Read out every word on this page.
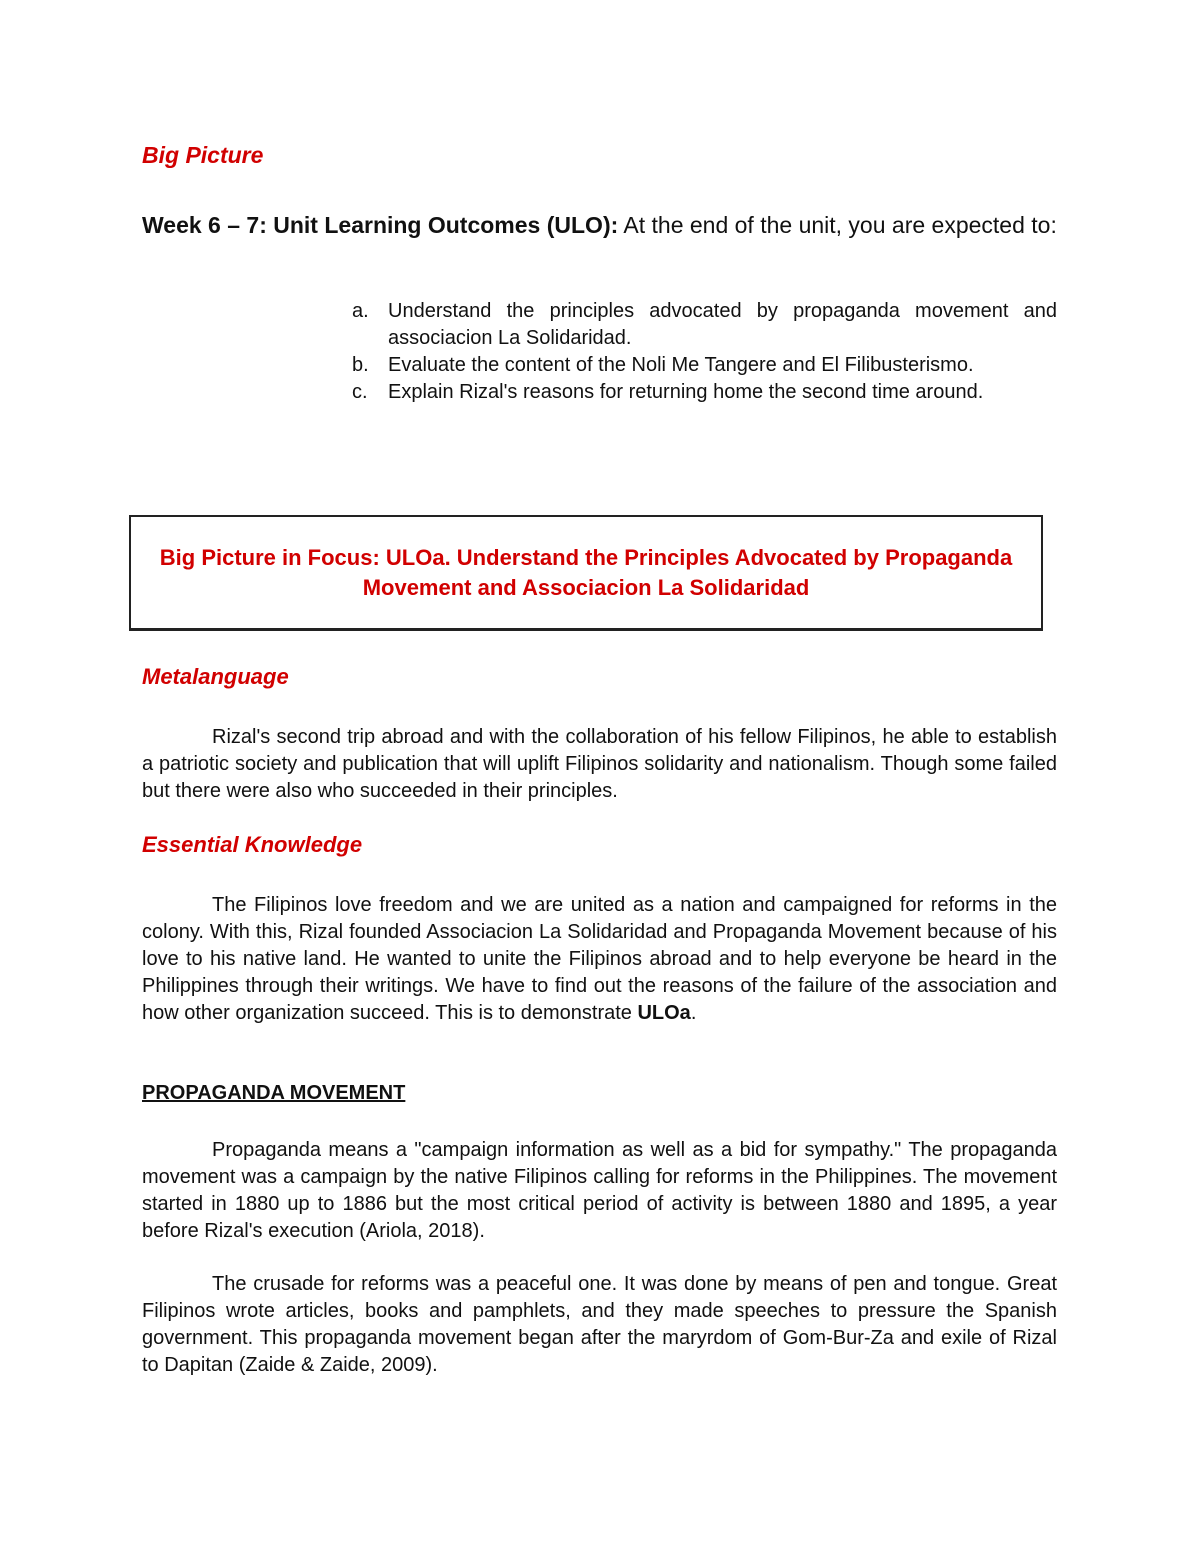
Big Picture

Week 6 – 7: Unit Learning Outcomes (ULO): At the end of the unit, you are expected to:

a. Understand the principles advocated by propaganda movement and associacion La Solidaridad.
b. Evaluate the content of the Noli Me Tangere and El Filibusterismo.
c. Explain Rizal's reasons for returning home the second time around.
Big Picture in Focus: ULOa. Understand the Principles Advocated by Propaganda Movement and Associacion La Solidaridad
Metalanguage

Rizal's second trip abroad and with the collaboration of his fellow Filipinos, he able to establish a patriotic society and publication that will uplift Filipinos solidarity and nationalism. Though some failed but there were also who succeeded in their principles.

Essential Knowledge

The Filipinos love freedom and we are united as a nation and campaigned for reforms in the colony. With this, Rizal founded Associacion La Solidaridad and Propaganda Movement because of his love to his native land. He wanted to unite the Filipinos abroad and to help everyone be heard in the Philippines through their writings. We have to find out the reasons of the failure of the association and how other organization succeed. This is to demonstrate ULOa.

PROPAGANDA MOVEMENT

Propaganda means a "campaign information as well as a bid for sympathy." The propaganda movement was a campaign by the native Filipinos calling for reforms in the Philippines. The movement started in 1880 up to 1886 but the most critical period of activity is between 1880 and 1895, a year before Rizal's execution (Ariola, 2018).

The crusade for reforms was a peaceful one. It was done by means of pen and tongue. Great Filipinos wrote articles, books and pamphlets, and they made speeches to pressure the Spanish government. This propaganda movement began after the maryrdom of Gom-Bur-Za and exile of Rizal to Dapitan (Zaide & Zaide, 2009).
